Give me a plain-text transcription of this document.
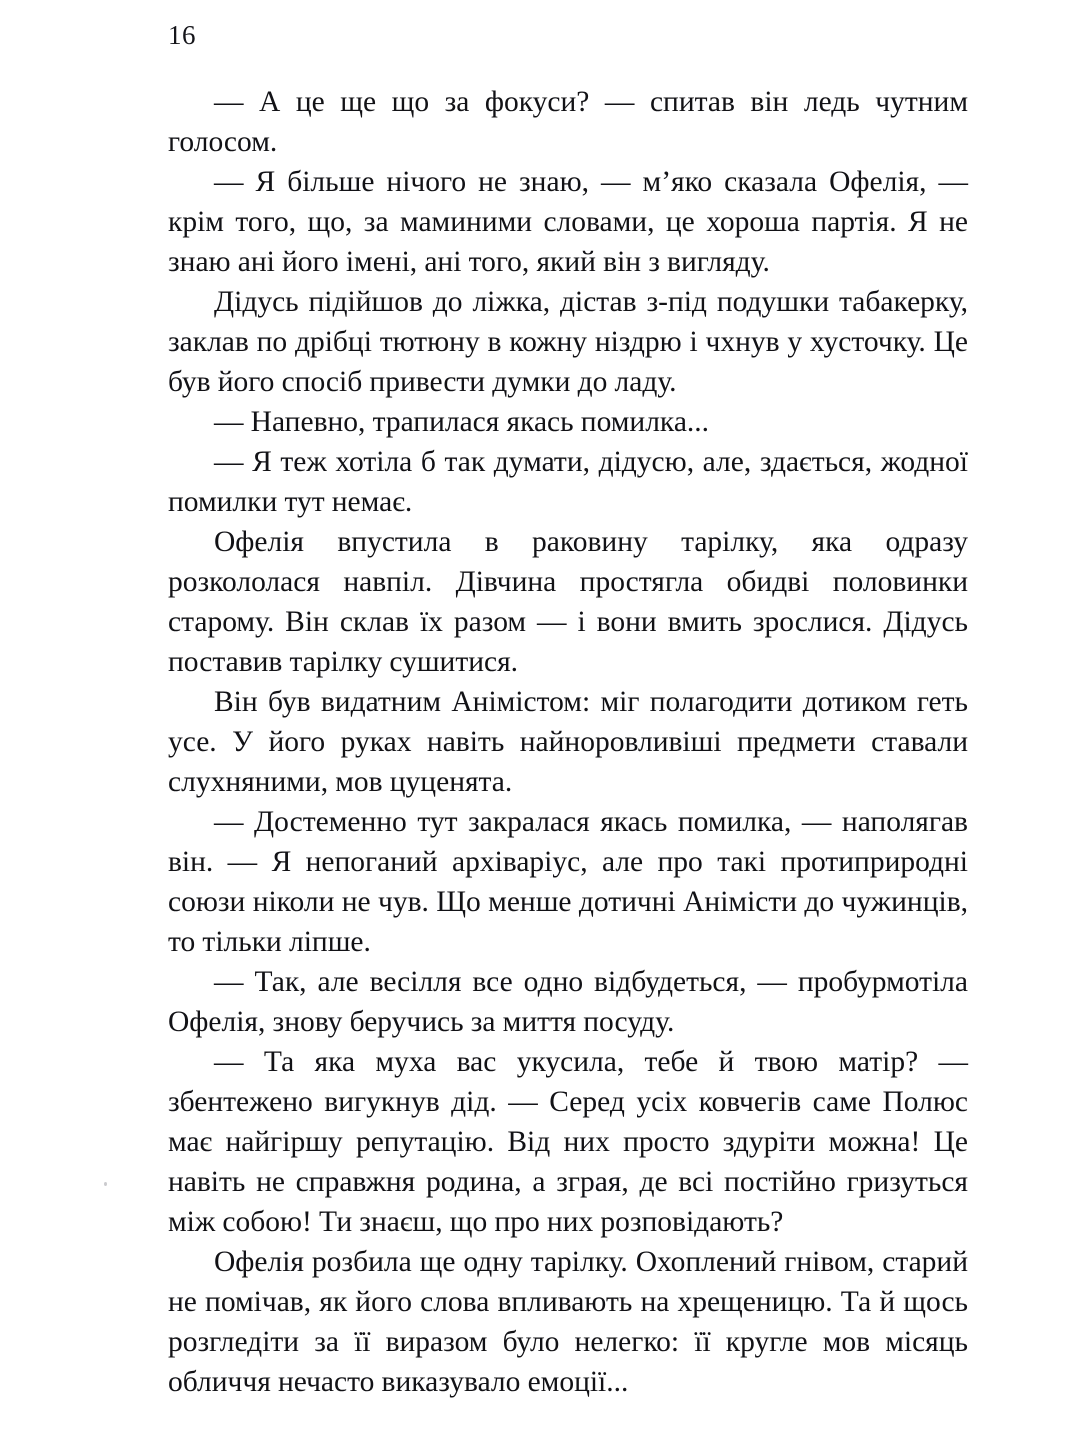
16

— А це ще що за фокуси? — спитав він ледь чутним голосом.

— Я більше нічого не знаю, — м’яко сказала Офелія, — крім того, що, за маминими словами, це хороша партія. Я не знаю ані його імені, ані того, який він з вигляду.

Дідусь підійшов до ліжка, дістав з-під подушки табакерку, заклав по дрібці тютюну в кожну ніздрю і чхнув у хусточку. Це був його спосіб привести думки до ладу.

— Напевно, трапилася якась помилка...

— Я теж хотіла б так думати, дідусю, але, здається, жодної помилки тут немає.

Офелія впустила в раковину тарілку, яка одразу розкололася навпіл. Дівчина простягла обидві половинки старому. Він склав їх разом — і вони вмить зрослися. Дідусь поставив тарілку сушитися.

Він був видатним Анімістом: міг полагодити дотиком геть усе. У його руках навіть найноровливіші предмети ставали слухняними, мов цуценята.

— Достеменно тут закралася якась помилка, — наполягав він. — Я непоганий архіваріус, але про такі протиприродні союзи ніколи не чув. Що менше дотичні Анімісти до чужинців, то тільки ліпше.

— Так, але весілля все одно відбудеться, — пробурмотіла Офелія, знову беручись за миття посуду.

— Та яка муха вас укусила, тебе й твою матір? — збентежено вигукнув дід. — Серед усіх ковчегів саме Полюс має найгіршу репутацію. Від них просто здуріти можна! Це навіть не справжня родина, а зграя, де всі постійно гризуться між собою! Ти знаєш, що про них розповідають?

Офелія розбила ще одну тарілку. Охоплений гнівом, старий не помічав, як його слова впливають на хрещеницю. Та й щось розгледіти за її виразом було нелегко: її кругле мов місяць обличчя нечасто виказувало емоції...
